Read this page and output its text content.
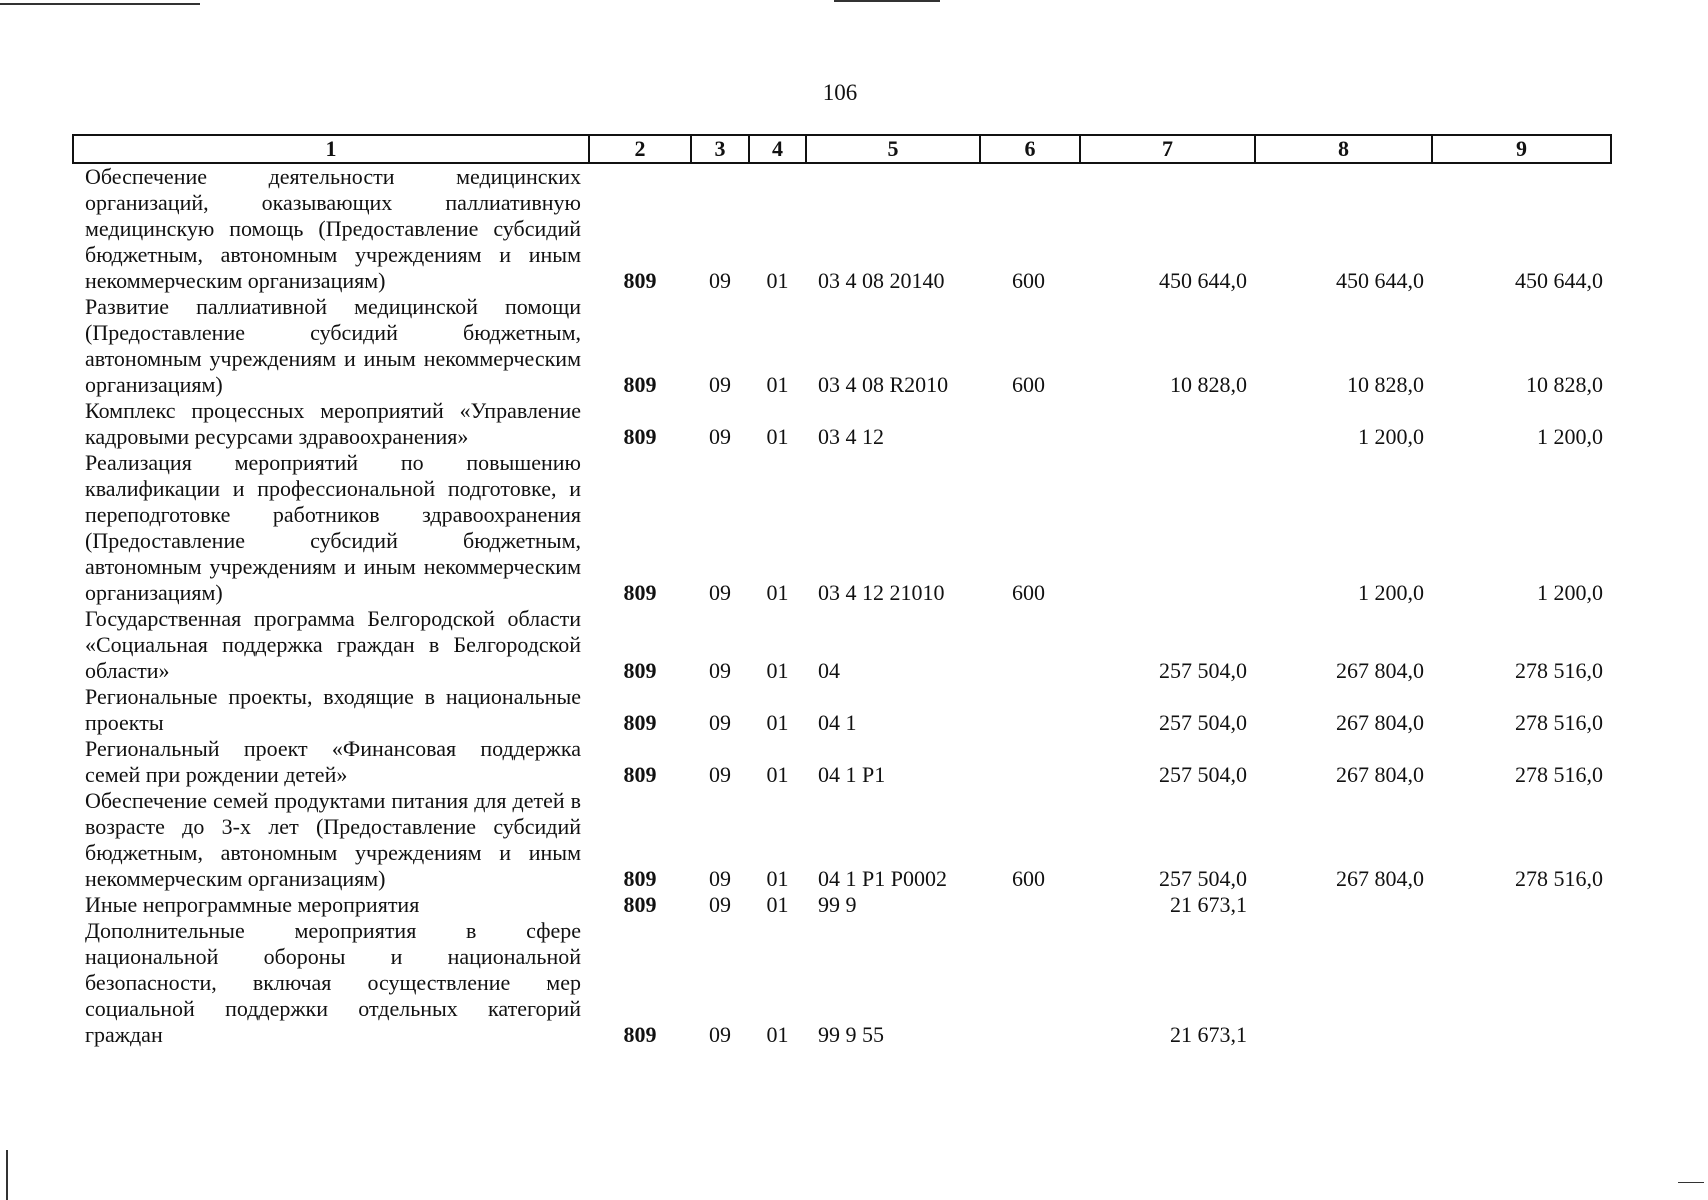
106
1	2	3	4	5	6	7	8	9
Обеспечение деятельности медицинских организаций, оказывающих паллиативную медицинскую помощь (Предоставление субсидий бюджетным, автономным учреждениям и иным некоммерческим организациям)	809	09	01	03 4 08 20140	600	450 644,0	450 644,0	450 644,0
Развитие паллиативной медицинской помощи (Предоставление субсидий бюджетным, автономным учреждениям и иным некоммерческим организациям)	809	09	01	03 4 08 R2010	600	10 828,0	10 828,0	10 828,0
Комплекс процессных мероприятий «Управление кадровыми ресурсами здравоохранения»	809	09	01	03 4 12			1 200,0	1 200,0
Реализация мероприятий по повышению квалификации и профессиональной подготовке, и переподготовке работников здравоохранения (Предоставление субсидий бюджетным, автономным учреждениям и иным некоммерческим организациям)	809	09	01	03 4 12 21010	600		1 200,0	1 200,0
Государственная программа Белгородской области «Социальная поддержка граждан в Белгородской области»	809	09	01	04		257 504,0	267 804,0	278 516,0
Региональные проекты, входящие в национальные проекты	809	09	01	04 1		257 504,0	267 804,0	278 516,0
Региональный проект «Финансовая поддержка семей при рождении детей»	809	09	01	04 1 P1		257 504,0	267 804,0	278 516,0
Обеспечение семей продуктами питания для детей в возрасте до 3-х лет (Предоставление субсидий бюджетным, автономным учреждениям и иным некоммерческим организациям)	809	09	01	04 1 P1 P0002	600	257 504,0	267 804,0	278 516,0
Иные непрограммные мероприятия	809	09	01	99 9		21 673,1		
Дополнительные мероприятия в сфере национальной обороны и национальной безопасности, включая осуществление мер социальной поддержки отдельных категорий граждан	809	09	01	99 9 55		21 673,1		
